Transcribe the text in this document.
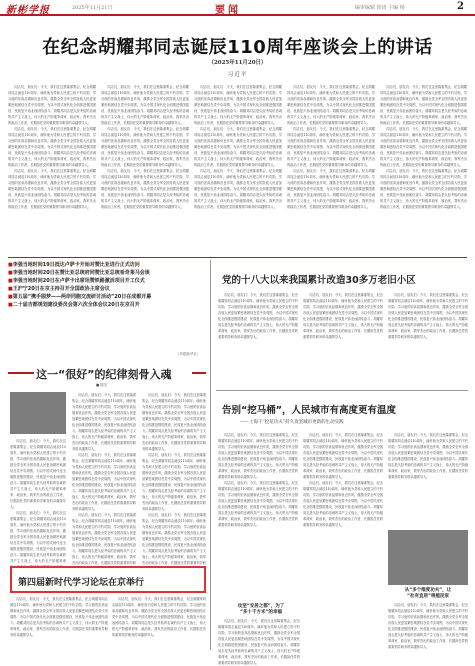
新彬学报	2025年11月21日	要闻	编审编辑 徐涛 主编 杨	2
在纪念胡耀邦同志诞辰110周年座谈会上的讲话
（2025年11月20日）
习近平

同志们，朋友们：今天，我们在这里隆重集会，纪念胡耀邦同志诞辰110周年，缅怀他为党和人民建立的不朽功勋，学习他的崇高品德和优良作风，激励全党全军全国各族人民更加紧密地团结在党中央周围，为以中国式现代化全面推进强国建设、民族复兴伟业而团结奋斗。胡耀邦同志是久经考验的忠诚的共产主义战士，伟大的无产阶级革命家、政治家，我军杰出的政治工作者，长期担任党的重要领导职务的卓越领导人。

同志们，朋友们：今天，我们在这里隆重集会，纪念胡耀邦同志诞辰110周年，缅怀他为党和人民建立的不朽功勋，学习他的崇高品德和优良作风，激励全党全军全国各族人民更加紧密地团结在党中央周围，为以中国式现代化全面推进强国建设、民族复兴伟业而团结奋斗。胡耀邦同志是久经考验的忠诚的共产主义战士，伟大的无产阶级革命家、政治家，我军杰出的政治工作者，长期担任党的重要领导职务的卓越领导人。

同志们，朋友们：今天，我们在这里隆重集会，纪念胡耀邦同志诞辰110周年，缅怀他为党和人民建立的不朽功勋，学习他的崇高品德和优良作风，激励全党全军全国各族人民更加紧密地团结在党中央周围，为以中国式现代化全面推进强国建设、民族复兴伟业而团结奋斗。胡耀邦同志是久经考验的忠诚的共产主义战士，伟大的无产阶级革命家、政治家，我军杰出的政治工作者，长期担任党的重要领导职务的卓越领导人。

同志们，朋友们：今天，我们在这里隆重集会，纪念胡耀邦同志诞辰110周年，缅怀他为党和人民建立的不朽功勋，学习他的崇高品德和优良作风，激励全党全军全国各族人民更加紧密地团结在党中央周围，为以中国式现代化全面推进强国建设、民族复兴伟业而团结奋斗。胡耀邦同志是久经考验的忠诚的共产主义战士，伟大的无产阶级革命家、政治家，我军杰出的政治工作者，长期担任党的重要领导职务的卓越领导人。

同志们，朋友们：今天，我们在这里隆重集会，纪念胡耀邦同志诞辰110周年，缅怀他为党和人民建立的不朽功勋，学习他的崇高品德和优良作风，激励全党全军全国各族人民更加紧密地团结在党中央周围，为以中国式现代化全面推进强国建设、民族复兴伟业而团结奋斗。胡耀邦同志是久经考验的忠诚的共产主义战士，伟大的无产阶级革命家、政治家，我军杰出的政治工作者，长期担任党的重要领导职务的卓越领导人。

同志们，朋友们：今天，我们在这里隆重集会，纪念胡耀邦同志诞辰110周年，缅怀他为党和人民建立的不朽功勋，学习他的崇高品德和优良作风，激励全党全军全国各族人民更加紧密地团结在党中央周围，为以中国式现代化全面推进强国建设、民族复兴伟业而团结奋斗。胡耀邦同志是久经考验的忠诚的共产主义战士，伟大的无产阶级革命家、政治家，我军杰出的政治工作者，长期担任党的重要领导职务的卓越领导人。

同志们，朋友们：今天，我们在这里隆重集会，纪念胡耀邦同志诞辰110周年，缅怀他为党和人民建立的不朽功勋，学习他的崇高品德和优良作风，激励全党全军全国各族人民更加紧密地团结在党中央周围，为以中国式现代化全面推进强国建设、民族复兴伟业而团结奋斗。胡耀邦同志是久经考验的忠诚的共产主义战士，伟大的无产阶级革命家、政治家，我军杰出的政治工作者，长期担任党的重要领导职务的卓越领导人。

同志们，朋友们：今天，我们在这里隆重集会，纪念胡耀邦同志诞辰110周年，缅怀他为党和人民建立的不朽功勋，学习他的崇高品德和优良作风，激励全党全军全国各族人民更加紧密地团结在党中央周围，为以中国式现代化全面推进强国建设、民族复兴伟业而团结奋斗。胡耀邦同志是久经考验的忠诚的共产主义战士，伟大的无产阶级革命家、政治家，我军杰出的政治工作者，长期担任党的重要领导职务的卓越领导人。

同志们，朋友们：今天，我们在这里隆重集会，纪念胡耀邦同志诞辰110周年，缅怀他为党和人民建立的不朽功勋，学习他的崇高品德和优良作风，激励全党全军全国各族人民更加紧密地团结在党中央周围，为以中国式现代化全面推进强国建设、民族复兴伟业而团结奋斗。胡耀邦同志是久经考验的忠诚的共产主义战士，伟大的无产阶级革命家、政治家，我军杰出的政治工作者，长期担任党的重要领导职务的卓越领导人。

同志们，朋友们：今天，我们在这里隆重集会，纪念胡耀邦同志诞辰110周年，缅怀他为党和人民建立的不朽功勋，学习他的崇高品德和优良作风，激励全党全军全国各族人民更加紧密地团结在党中央周围，为以中国式现代化全面推进强国建设、民族复兴伟业而团结奋斗。胡耀邦同志是久经考验的忠诚的共产主义战士，伟大的无产阶级革命家、政治家，我军杰出的政治工作者，长期担任党的重要领导职务的卓越领导人。

同志们，朋友们：今天，我们在这里隆重集会，纪念胡耀邦同志诞辰110周年，缅怀他为党和人民建立的不朽功勋，学习他的崇高品德和优良作风，激励全党全军全国各族人民更加紧密地团结在党中央周围，为以中国式现代化全面推进强国建设、民族复兴伟业而团结奋斗。胡耀邦同志是久经考验的忠诚的共产主义战士，伟大的无产阶级革命家、政治家，我军杰出的政治工作者，长期担任党的重要领导职务的卓越领导人。

同志们，朋友们：今天，我们在这里隆重集会，纪念胡耀邦同志诞辰110周年，缅怀他为党和人民建立的不朽功勋，学习他的崇高品德和优良作风，激励全党全军全国各族人民更加紧密地团结在党中央周围，为以中国式现代化全面推进强国建设、民族复兴伟业而团结奋斗。胡耀邦同志是久经考验的忠诚的共产主义战士，伟大的无产阶级革命家、政治家，我军杰出的政治工作者，长期担任党的重要领导职务的卓越领导人。

同志们，朋友们：今天，我们在这里隆重集会，纪念胡耀邦同志诞辰110周年，缅怀他为党和人民建立的不朽功勋，学习他的崇高品德和优良作风，激励全党全军全国各族人民更加紧密地团结在党中央周围，为以中国式现代化全面推进强国建设、民族复兴伟业而团结奋斗。胡耀邦同志是久经考验的忠诚的共产主义战士，伟大的无产阶级革命家、政治家，我军杰出的政治工作者，长期担任党的重要领导职务的卓越领导人。

同志们，朋友们：今天，我们在这里隆重集会，纪念胡耀邦同志诞辰110周年，缅怀他为党和人民建立的不朽功勋，学习他的崇高品德和优良作风，激励全党全军全国各族人民更加紧密地团结在党中央周围，为以中国式现代化全面推进强国建设、民族复兴伟业而团结奋斗。胡耀邦同志是久经考验的忠诚的共产主义战士，伟大的无产阶级革命家、政治家，我军杰出的政治工作者，长期担任党的重要领导职务的卓越领导人。

同志们，朋友们：今天，我们在这里隆重集会，纪念胡耀邦同志诞辰110周年，缅怀他为党和人民建立的不朽功勋，学习他的崇高品德和优良作风，激励全党全军全国各族人民更加紧密地团结在党中央周围，为以中国式现代化全面推进强国建设、民族复兴伟业而团结奋斗。胡耀邦同志是久经考验的忠诚的共产主义战士，伟大的无产阶级革命家、政治家，我军杰出的政治工作者，长期担任党的重要领导职务的卓越领导人。

■李强当地时间19日抵达卢萨卡开始对赞比亚进行正式访问
■李强当地时间20日在赞比亚总统府同赞比亚总统希奇莱马会谈
■李强当地时间20日在卢萨卡出席坦赞铁路激活项目开工仪式
■王沪宁20日在京主持召开全国政协主席会议
■第五届“携手圆梦——两岸同胞交流研讨活动”20日在成都开幕
■二十届吉都规划建设委员会第六次全体会议20日在京召开
（均据新华社）
党的十八大以来我国累计改造30多万老旧小区

同志们，朋友们：今天，我们在这里隆重集会，纪念胡耀邦同志诞辰110周年，缅怀他为党和人民建立的不朽功勋，学习他的崇高品德和优良作风，激励全党全军全国各族人民更加紧密地团结在党中央周围，为以中国式现代化全面推进强国建设、民族复兴伟业而团结奋斗。胡耀邦同志是久经考验的忠诚的共产主义战士，伟大的无产阶级革命家、政治家，我军杰出的政治工作者，长期担任党的重要领导职务的卓越领导人。

同志们，朋友们：今天，我们在这里隆重集会，纪念胡耀邦同志诞辰110周年，缅怀他为党和人民建立的不朽功勋，学习他的崇高品德和优良作风，激励全党全军全国各族人民更加紧密地团结在党中央周围，为以中国式现代化全面推进强国建设、民族复兴伟业而团结奋斗。胡耀邦同志是久经考验的忠诚的共产主义战士，伟大的无产阶级革命家、政治家，我军杰出的政治工作者，长期担任党的重要领导职务的卓越领导人。

同志们，朋友们：今天，我们在这里隆重集会，纪念胡耀邦同志诞辰110周年，缅怀他为党和人民建立的不朽功勋，学习他的崇高品德和优良作风，激励全党全军全国各族人民更加紧密地团结在党中央周围，为以中国式现代化全面推进强国建设、民族复兴伟业而团结奋斗。胡耀邦同志是久经考验的忠诚的共产主义战士，伟大的无产阶级革命家、政治家，我军杰出的政治工作者，长期担任党的重要领导职务的卓越领导人。

告别“挖马桶”，人民城市有高度更有温度
——上海干“挖花功夫”持久攻坚城市更新的生动实践

同志们，朋友们：今天，我们在这里隆重集会，纪念胡耀邦同志诞辰110周年，缅怀他为党和人民建立的不朽功勋，学习他的崇高品德和优良作风，激励全党全军全国各族人民更加紧密地团结在党中央周围，为以中国式现代化全面推进强国建设、民族复兴伟业而团结奋斗。胡耀邦同志是久经考验的忠诚的共产主义战士，伟大的无产阶级革命家、政治家，我军杰出的政治工作者，长期担任党的重要领导职务的卓越领导人。

同志们，朋友们：今天，我们在这里隆重集会，纪念胡耀邦同志诞辰110周年，缅怀他为党和人民建立的不朽功勋，学习他的崇高品德和优良作风，激励全党全军全国各族人民更加紧密地团结在党中央周围，为以中国式现代化全面推进强国建设、民族复兴伟业而团结奋斗。胡耀邦同志是久经考验的忠诚的共产主义战士，伟大的无产阶级革命家、政治家，我军杰出的政治工作者，长期担任党的重要领导职务的卓越领导人。

同志们，朋友们：今天，我们在这里隆重集会，纪念胡耀邦同志诞辰110周年，缅怀他为党和人民建立的不朽功勋，学习他的崇高品德和优良作风，激励全党全军全国各族人民更加紧密地团结在党中央周围，为以中国式现代化全面推进强国建设、民族复兴伟业而团结奋斗。胡耀邦同志是久经考验的忠诚的共产主义战士，伟大的无产阶级革命家、政治家，我军杰出的政治工作者，长期担任党的重要领导职务的卓越领导人。

同志们，朋友们：今天，我们在这里隆重集会，纪念胡耀邦同志诞辰110周年，缅怀他为党和人民建立的不朽功勋，学习他的崇高品德和优良作风，激励全党全军全国各族人民更加紧密地团结在党中央周围，为以中国式现代化全面推进强国建设、民族复兴伟业而团结奋斗。胡耀邦同志是久经考验的忠诚的共产主义战士，伟大的无产阶级革命家、政治家，我军杰出的政治工作者，长期担任党的重要领导职务的卓越领导人。

同志们，朋友们：今天，我们在这里隆重集会，纪念胡耀邦同志诞辰110周年，缅怀他为党和人民建立的不朽功勋，学习他的崇高品德和优良作风，激励全党全军全国各族人民更加紧密地团结在党中央周围，为以中国式现代化全面推进强国建设、民族复兴伟业而团结奋斗。胡耀邦同志是久经考验的忠诚的共产主义战士，伟大的无产阶级革命家、政治家，我军杰出的政治工作者，长期担任党的重要领导职务的卓越领导人。

从“多个维度功夫”，让
“社有宜居”根植民家

同志们，朋友们：今天，我们在这里隆重集会，纪念胡耀邦同志诞辰110周年，缅怀他为党和人民建立的不朽功勋，学习他的崇高品德和优良作风，激励全党全军全国各族人民更加紧密地团结在党中央周围，为以中国式现代化全面推进强国建设、民族复兴伟业而团结奋斗。胡耀邦同志是久经考验的忠诚的共产主义战士，伟大的无产阶级革命家、政治家，我军杰出的政治工作者，长期担任党的重要领导职务的卓越领导人。

这一“很好”的纪律刻骨入魂
■ 陈宏

同志们，朋友们：今天，我们在这里隆重集会，纪念胡耀邦同志诞辰110周年，缅怀他为党和人民建立的不朽功勋，学习他的崇高品德和优良作风，激励全党全军全国各族人民更加紧密地团结在党中央周围，为以中国式现代化全面推进强国建设、民族复兴伟业而团结奋斗。胡耀邦同志是久经考验的忠诚的共产主义战士，伟大的无产阶级革命家、政治家，我军杰出的政治工作者，长期担任党的重要领导职务的卓越领导人。

同志们，朋友们：今天，我们在这里隆重集会，纪念胡耀邦同志诞辰110周年，缅怀他为党和人民建立的不朽功勋，学习他的崇高品德和优良作风，激励全党全军全国各族人民更加紧密地团结在党中央周围，为以中国式现代化全面推进强国建设、民族复兴伟业而团结奋斗。胡耀邦同志是久经考验的忠诚的共产主义战士，伟大的无产阶级革命

同志们，朋友们：今天，我们在这里隆重集会，纪念胡耀邦同志诞辰110周年，缅怀他为党和人民建立的不朽功勋，学习他的崇高品德和优良作风，激励全党全军全国各族人民更加紧密地团结在党中央周围，为以中国式现代化全面推进强国建设、民族复兴伟业而团结奋斗。胡耀邦同志是久经考验的忠诚的共产主义战士，伟大的无产阶级革命家、政治家，我军杰出的政治工作者，长期担任党的重要领导职务的卓越领导人。

同志们，朋友们：今天，我们在这里隆重集会，纪念胡耀邦同志诞辰110周年，缅怀他为党和人民建立的不朽功勋，学习他的崇高品德和优良作风，激励全党全军全国各族人民更加紧密地团结在党中央周围，为以中国式现代化全面推进强国建设、民族复兴伟业而团结奋斗。胡耀邦同志是久经考验的忠诚的共产主义战士，伟大的无产阶级革命家、政治家，我军杰出的政治工作者，长期担任党的重要领导职务的卓越领导人。

同志们，朋友们：今天，我们在这里隆重集会，纪念胡耀邦同志诞辰110周年，缅怀他为党和人民建立的不朽功勋，学习他的崇高品德和优良作风，激励全党全军全国各族人民更加紧密地团结在党中央周围，为以中国式现代化全面推进强国建设、民族复兴伟业而团结奋斗。胡耀邦同志是久经考验的忠诚的共产主义战士，伟大的无产阶级革命家、政治家，我军杰出的政治工作者，长期担任党的重要领导职

同志们，朋友们：今天，我们在这里隆重集会，纪念胡耀邦同志诞辰110周年，缅怀他为党和人民建立的不朽功勋，学习他的崇高品德和优良作风，激励全党全军全国各族人民更加紧密地团结在党中央周围，为以中国式现代化全面推进强国建设、民族复兴伟业而团结奋斗。胡耀邦同志是久经考验的忠诚的共产主义战士，伟大的无产阶级革命家、政治家，我军杰出的政治工作者，长期担任党的重要领导职务的卓越领导人。

同志们，朋友们：今天，我们在这里隆重集会，纪念胡耀邦同志诞辰110周年，缅怀他为党和人民建立的不朽功勋，学习他的崇高品德和优良作风，激励全党全军全国各族人民更加紧密地团结在党中央周围，为以中国式现代化全面推进强国建设、民族复兴伟业而团结奋斗。胡耀邦同志是久经考验的忠诚的共产主义战士，伟大的无产阶级革命家、政治家，我军杰出的政治工作者，长期担任党的重要领导职务的卓越领导人。

同志们，朋友们：今天，我们在这里隆重集会，纪念胡耀邦同志诞辰110周年，缅怀他为党和人民建立的不朽功勋，学习他的崇高品德和优良作风，激励全党全军全国各族人民更加紧密地团结在党中央周围，为以中国式现代化全面推进强国建设、民族复兴伟业而团结奋斗。胡耀邦同志是久经考验的忠诚的共产主义战士，伟大的无产阶级革命家、政治家，我军杰出的政治工作者，长期担任党的重要领导职

第四届新时代学习论坛在京举行

同志们，朋友们：今天，我们在这里隆重集会，纪念胡耀邦同志诞辰110周年，缅怀他为党和人民建立的不朽功勋，学习他的崇高品德和优良作风，激励全党全军全国各族人民更加紧密地团结在党中央周围，为以中国式现代化全面推进强国建设、民族复兴伟业而团结奋斗。胡耀邦同志是久经考验的忠诚的共产主义战士，伟大的无产阶级革命家、政治家，我军杰出的政治工作者，长期担任党的重要领导职务的卓越领导人。

同志们，朋友们：今天，我们在这里隆重集会，纪念胡耀邦同志诞辰110周年，缅怀他为党和人民建立的不朽功勋，学习他的崇高品德和优良作风，激励全党全军全国各族人民更加紧密地团结在党中央周围，为以中国式现代化全面推进强国建设、民族复兴伟业而团结奋斗。胡耀邦同志是久经考验的忠诚的共产主义战士，伟大的无产阶级革命家、政治家，我军杰出的政治工作者，长期担任党的重要领导职务的卓越领导人。

攻坚“安居之都”，为了
“多十千方米”的幸福

同志们，朋友们：今天，我们在这里隆重集会，纪念胡耀邦同志诞辰110周年，缅怀他为党和人民建立的不朽功勋，学习他的崇高品德和优良作风，激励全党全军全国各族人民更加紧密地团结在党中央周围，为以中国式现代化全面推进强国建设、民族复兴伟业而团结奋斗。胡耀邦同志是久经考验的忠诚的共产主义战士，伟大的无产阶级革命家、政治家，我军杰出的政治工作者，长期担任党的重要领导职务的卓越领导人。
